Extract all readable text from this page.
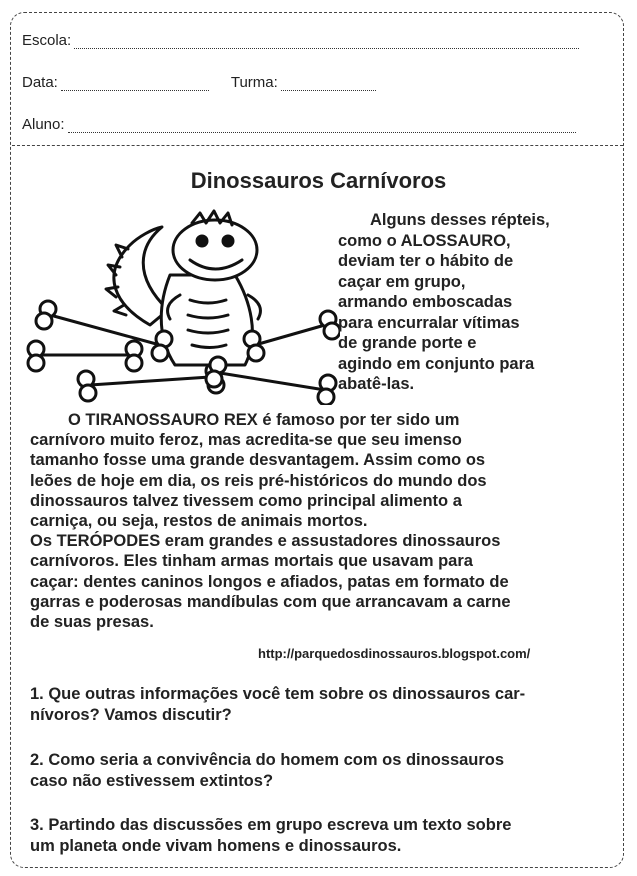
Escola:
Data:	Turma:
Aluno:
Dinossauros Carnívoros
Alguns desses répteis,
como o ALOSSAURO,
deviam ter o hábito de
caçar em grupo,
armando emboscadas
para encurralar vítimas
de grande porte e
agindo em conjunto para
abatê-las.
O TIRANOSSAURO REX é famoso por ter sido um
carnívoro muito feroz, mas acredita-se que seu imenso
tamanho fosse uma grande desvantagem. Assim como os
leões de hoje em dia, os reis pré-históricos do mundo dos
dinossauros talvez tivessem como principal alimento a
carniça, ou seja, restos de animais mortos.
Os TERÓPODES eram grandes e assustadores dinossauros
carnívoros. Eles tinham armas mortais que usavam para
caçar: dentes caninos longos e afiados, patas em formato de
garras e poderosas mandíbulas com que arrancavam a carne
de suas presas.
http://parquedosdinossauros.blogspot.com/
1. Que outras informações você tem sobre os dinossauros car-
nívoros? Vamos discutir?
2. Como seria a convivência do homem com os dinossauros
caso não estivessem extintos?
3. Partindo das discussões em grupo escreva um texto sobre
um planeta onde vivam homens e dinossauros.
